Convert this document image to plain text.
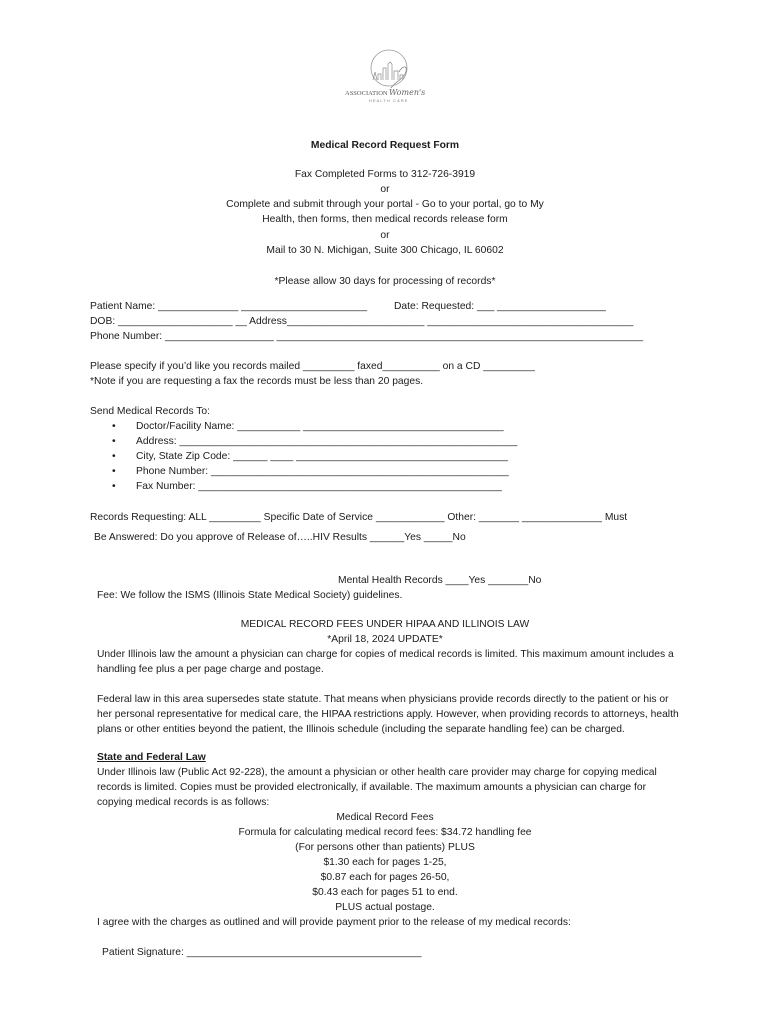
ASSOCIATION Women's
HEALTH CARE
Medical Record Request Form
Fax Completed Forms to 312-726-3919
or
Complete and submit through your portal - Go to your portal, go to My
Health, then forms, then medical records release form
or
Mail to 30 N. Michigan, Suite 300 Chicago, IL 60602
*Please allow 30 days for processing of records*
Patient Name: ______________ ______________________	Date: Requested: ___ ___________________
DOB: ____________________ __ Address________________________ ____________________________________
Phone Number: ___________________ ________________________________________________________________
Please specify if you’d like you records mailed _________ faxed__________ on a CD _________
*Note if you are requesting a fax the records must be less than 20 pages.
Send Medical Records To:
• Doctor/Facility Name: ___________ ___________________________________
• Address: ___________________________________________________________
• City, State Zip Code: ______ ____ _____________________________________
• Phone Number: ____________________________________________________
• Fax Number: _____________________________________________________
Records Requesting: ALL _________ Specific Date of Service ____________ Other: _______ ______________ Must
Be Answered: Do you approve of Release of…..HIV Results ______Yes _____No
Mental Health Records ____Yes _______No
Fee: We follow the ISMS (Illinois State Medical Society) guidelines.
MEDICAL RECORD FEES UNDER HIPAA AND ILLINOIS LAW
*April 18, 2024 UPDATE*
Under Illinois law the amount a physician can charge for copies of medical records is limited. This maximum amount includes a
handling fee plus a per page charge and postage.
Federal law in this area supersedes state statute. That means when physicians provide records directly to the patient or his or
her personal representative for medical care, the HIPAA restrictions apply. However, when providing records to attorneys, health
plans or other entities beyond the patient, the Illinois schedule (including the separate handling fee) can be charged.
State and Federal Law
Under Illinois law (Public Act 92-228), the amount a physician or other health care provider may charge for copying medical
records is limited. Copies must be provided electronically, if available. The maximum amounts a physician can charge for
copying medical records is as follows:
Medical Record Fees
Formula for calculating medical record fees: $34.72 handling fee
(For persons other than patients) PLUS
$1.30 each for pages 1-25,
$0.87 each for pages 26-50,
$0.43 each for pages 51 to end.
PLUS actual postage.
I agree with the charges as outlined and will provide payment prior to the release of my medical records:
Patient Signature: _________________________________________
